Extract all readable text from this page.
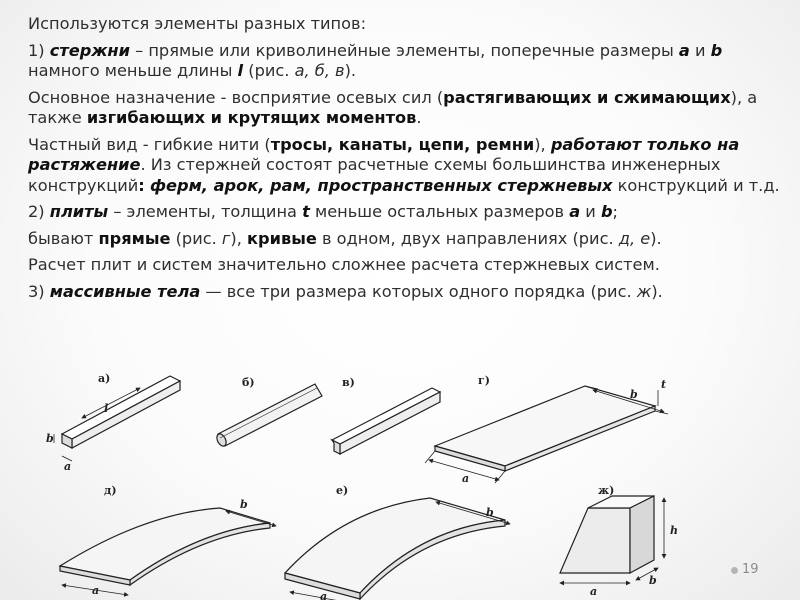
Используются элементы разных типов:

1) стержни – прямые или криволинейные элементы, поперечные размеры a и b намного меньше длины l (рис. а, б, в).

Основное назначение - восприятие осевых сил (растягивающих и сжимающих), а также изгибающих и крутящих моментов.

Частный вид - гибкие нити (тросы, канаты, цепи, ремни), работают только на растяжение. Из стержней состоят расчетные схемы большинства инженерных конструкций: ферм, арок, рам, пространственных стержневых конструкций и т.д.

2) плиты – элементы, толщина t меньше остальных размеров a и b;

бывают прямые (рис. г), кривые в одном, двух направлениях (рис. д, е).

Расчет плит и систем значительно сложнее расчета стержневых систем.

3) массивные тела — все три размера которых одного порядка (рис. ж).

а)	б)	в)	г)
д)	е)	ж)
l
b
a
a
b
t
a
b
a
b
a
b
h
19
